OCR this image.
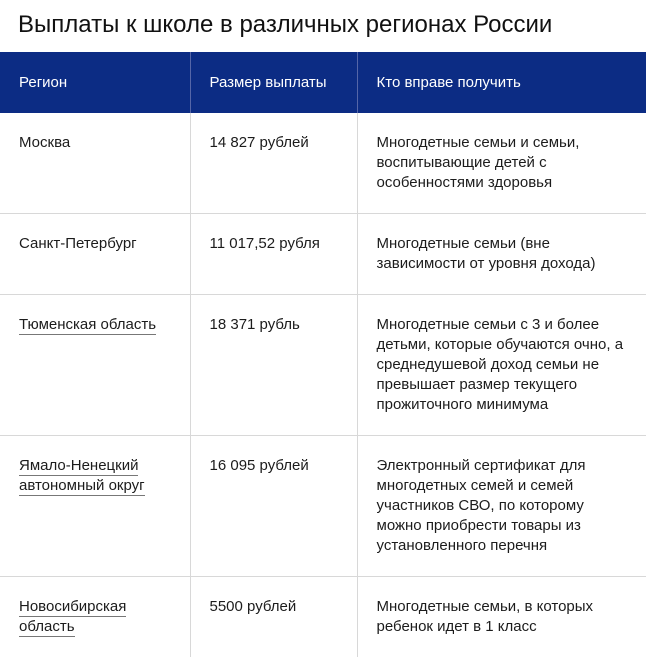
Выплаты к школе в различных регионах России
Регион	Размер выплаты	Кто вправе получить
Москва	14 827 рублей	Многодетные семьи и семьи, воспитывающие детей с особенностями здоровья
Санкт-Петербург	11 017,52 рубля	Многодетные семьи (вне зависимости от уровня дохода)
Тюменская область	18 371 рубль	Многодетные семьи с 3 и более детьми, которые обучаются очно, а среднедушевой доход семьи не превышает размер текущего прожиточного минимума
Ямало-Ненецкий автономный округ	16 095 рублей	Электронный сертификат для многодетных семей и семей участников СВО, по которому можно приобрести товары из установленного перечня
Новосибирская область	5500 рублей	Многодетные семьи, в которых ребенок идет в 1 класс
